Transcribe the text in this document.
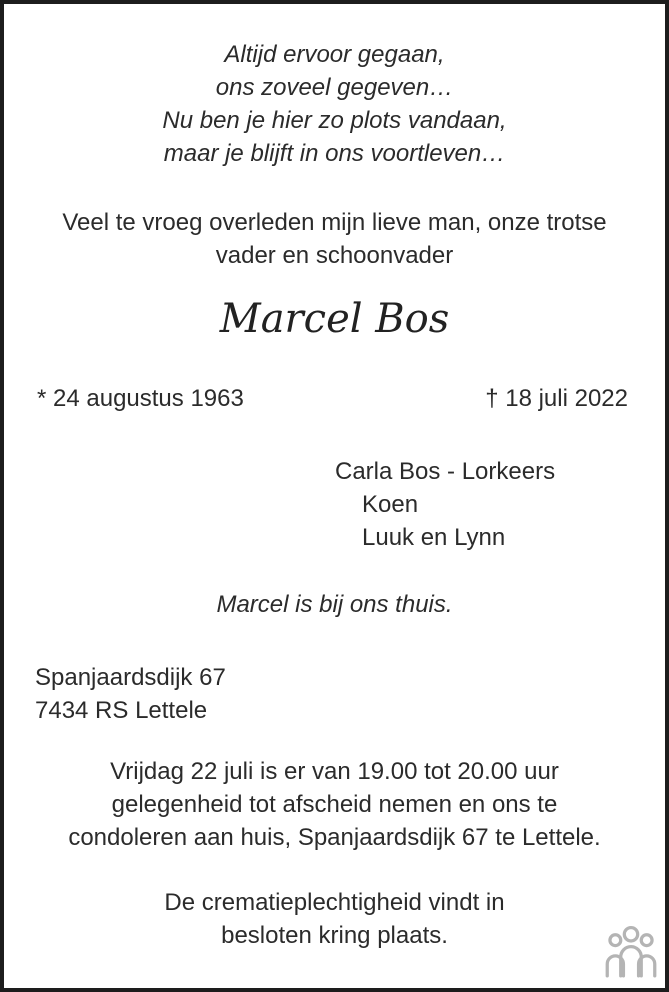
Altijd ervoor gegaan,
ons zoveel gegeven…
Nu ben je hier zo plots vandaan,
maar je blijft in ons voortleven…
Veel te vroeg overleden mijn lieve man, onze trotse
vader en schoonvader
Marcel Bos
* 24 augustus 1963	† 18 juli 2022
Carla Bos - Lorkeers
Koen
Luuk en Lynn
Marcel is bij ons thuis.
Spanjaardsdijk 67
7434 RS Lettele
Vrijdag 22 juli is er van 19.00 tot 20.00 uur
gelegenheid tot afscheid nemen en ons te
condoleren aan huis, Spanjaardsdijk 67 te Lettele.
De crematieplechtigheid vindt in
besloten kring plaats.
